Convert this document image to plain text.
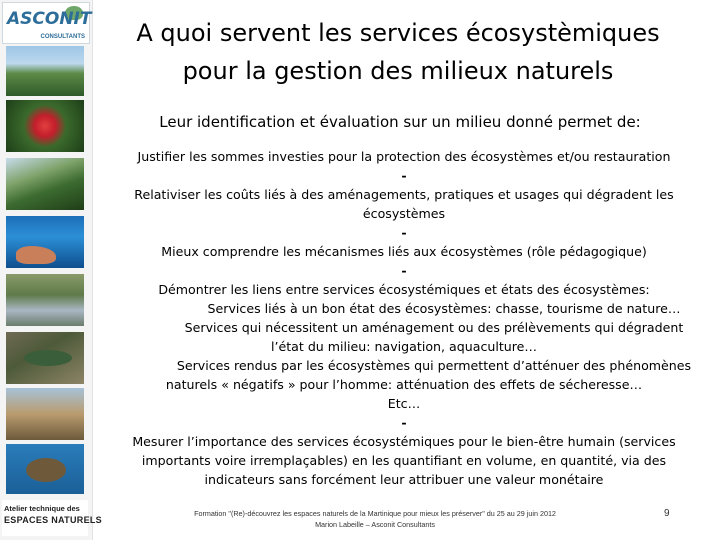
ASCONIT
CONSULTANTS
Atelier technique des
ESPACES NATURELS
A quoi servent les services écosystèmiques
pour la gestion des milieux naturels
Leur identification et évaluation sur un milieu donné permet de:
Justifier les sommes investies pour la protection des écosystèmes et/ou restauration
-
Relativiser les coûts liés à des aménagements, pratiques et usages qui dégradent les
écosystèmes
-
Mieux comprendre les mécanismes liés aux écosystèmes (rôle pédagogique)
-
Démontrer les liens entre services écosystémiques et états des écosystèmes:
Services liés à un bon état des écosystèmes: chasse, tourisme de nature…
Services qui nécessitent un aménagement ou des prélèvements qui dégradent
l’état du milieu: navigation, aquaculture…
Services rendus par les écosystèmes qui permettent d’atténuer des phénomènes
naturels « négatifs » pour l’homme: atténuation des effets de sécheresse…
Etc…
-
Mesurer l’importance des services écosystémiques pour le bien-être humain (services
importants voire irremplaçables) en les quantifiant en volume, en quantité, via des
indicateurs sans forcément leur attribuer une valeur monétaire
Formation "(Re)-découvrez les espaces naturels de la Martinique pour mieux les préserver" du 25 au 29 juin 2012
Marion Labeille – Asconit Consultants
9
